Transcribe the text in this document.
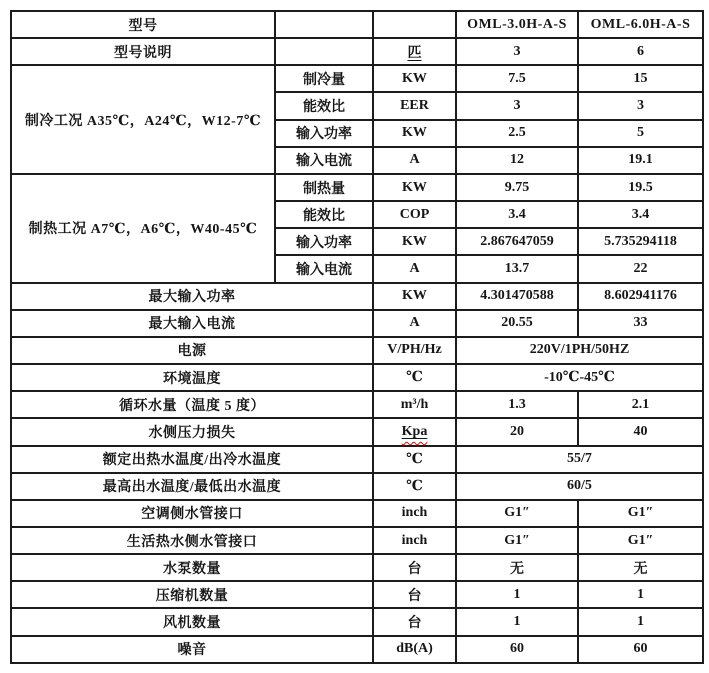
型号			OML-3.0H-A-S	OML-6.0H-A-S
型号说明		匹	3	6
制冷工况 A35℃，A24℃，W12-7℃	制冷量	KW	7.5	15
	能效比	EER	3	3
	输入功率	KW	2.5	5
	输入电流	A	12	19.1
制热工况 A7℃，A6℃，W40-45℃	制热量	KW	9.75	19.5
	能效比	COP	3.4	3.4
	输入功率	KW	2.867647059	5.735294118
	输入电流	A	13.7	22
最大输入功率		KW	4.301470588	8.602941176
最大输入电流		A	20.55	33
电源		V/PH/Hz	220V/1PH/50HZ	
环境温度		℃	-10℃-45℃	
循环水量（温度 5 度）		m³/h	1.3	2.1
水侧压力损失		Kpa	20	40
额定出热水温度/出冷水温度		℃	55/7	
最高出水温度/最低出水温度		℃	60/5	
空调侧水管接口		inch	G1″	G1″
生活热水侧水管接口		inch	G1″	G1″
水泵数量		台	无	无
压缩机数量		台	1	1
风机数量		台	1	1
噪音		dB(A)	60	60
